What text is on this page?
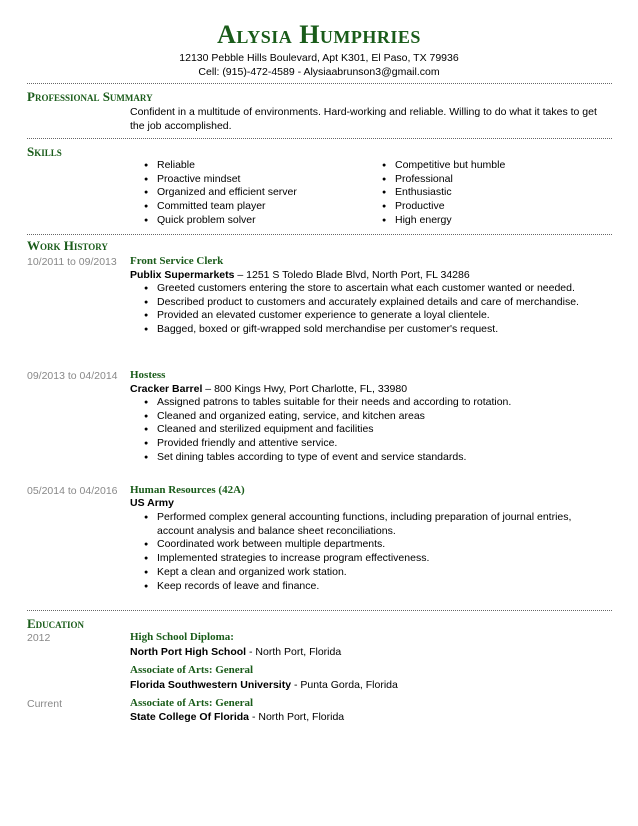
Alysia Humphries
12130 Pebble Hills Boulevard, Apt K301, El Paso, TX 79936
Cell: (915)-472-4589 - Alysiaabrunson3@gmail.com
Professional Summary
Confident in a multitude of environments. Hard-working and reliable. Willing to do what it takes to get the job accomplished.
Skills
● Reliable
● Proactive mindset
● Organized and efficient server
● Committed team player
● Quick problem solver
● Competitive but humble
● Professional
● Enthusiastic
● Productive
● High energy
Work History
10/2011 to 09/2013 Front Service Clerk
Publix Supermarkets – 1251 S Toledo Blade Blvd, North Port, FL 34286
● Greeted customers entering the store to ascertain what each customer wanted or needed.
● Described product to customers and accurately explained details and care of merchandise.
● Provided an elevated customer experience to generate a loyal clientele.
● Bagged, boxed or gift-wrapped sold merchandise per customer's request.
09/2013 to 04/2014 Hostess
Cracker Barrel – 800 Kings Hwy, Port Charlotte, FL, 33980
● Assigned patrons to tables suitable for their needs and according to rotation.
● Cleaned and organized eating, service, and kitchen areas
● Cleaned and sterilized equipment and facilities
● Provided friendly and attentive service.
● Set dining tables according to type of event and service standards.
05/2014 to 04/2016 Human Resources (42A)
US Army
● Performed complex general accounting functions, including preparation of journal entries, account analysis and balance sheet reconciliations.
● Coordinated work between multiple departments.
● Implemented strategies to increase program effectiveness.
● Kept a clean and organized work station.
● Keep records of leave and finance.
Education
2012	High School Diploma:
North Port High School - North Port, Florida
Associate of Arts: General
Florida Southwestern University - Punta Gorda, Florida
Current	Associate of Arts: General
State College Of Florida - North Port, Florida
